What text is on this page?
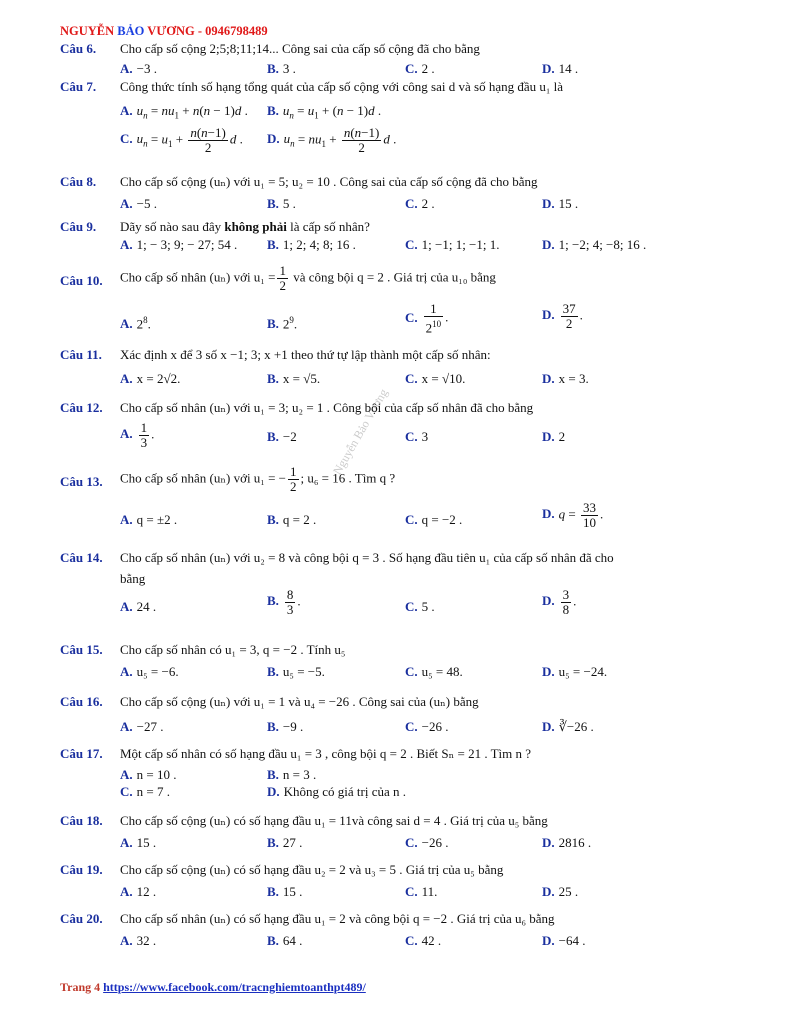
NGUYỄN BẢO VƯƠNG - 0946798489
Nguyễn Bảo Vương
Câu 6. Cho cấp số cộng 2;5;8;11;14... Công sai của cấp số cộng đã cho bằng
A. −3 .	B. 3 .	C. 2 .	D. 14 .
Câu 7. Công thức tính số hạng tổng quát của cấp số cộng với công sai d và số hạng đầu u₁ là
A. $u_n = nu_1 + n(n - 1)d$ . B. $u_n = u_1 + (n - 1)d$ .
C. $u_n = u_1 + \frac{n(n-1)}{2}$ d . D. $u_n = nu_1 + \frac{n(n-1)}{2}$ d .
Câu 8. Cho cấp số cộng (uₙ) với u₁ = 5; u₂ = 10 . Công sai của cấp số cộng đã cho bằng
A. −5 .	B. 5 .	C. 2 .	D. 15 .
Câu 9. Dãy số nào sau đây không phải là cấp số nhân?
A. 1; − 3; 9; − 27; 54 . B. 1; 2; 4; 8; 16 .	C. 1; −1; 1; −1; 1.	D. 1; −2; 4; −8; 16 .
Câu 10. Cho cấp số nhân (uₙ) với $u_1 = \frac{1}{2}$ và công bội q = 2 . Giá trị của u₁₀ bằng
A. $2^8$.	B. $2^9$.	C. $\frac{1}{2^{10}}$ .	D. $\frac{37}{2}$ .
Câu 11. Xác định x để 3 số x −1; 3; x +1 theo thứ tự lập thành một cấp số nhân:
A. x = 2√2.	B. x = √5.	C. x = √10.	D. x = 3.
Câu 12. Cho cấp số nhân (uₙ) với u₁ = 3; u₂ = 1 . Công bội của cấp số nhân đã cho bằng
A. $\frac{1}{3}$ .	B. −2	C. 3	D. 2
Câu 13. Cho cấp số nhân (uₙ) với u₁ = − $\frac{1}{2}$ ; u₆ = 16 . Tìm q ?
A. q = ±2 .	B. q = 2 .	C. q = −2 .	D. $q = \frac{33}{10}$ .
Câu 14. Cho cấp số nhân (uₙ) với u₂ = 8 và công bội q = 3 . Số hạng đầu tiên u₁ của cấp số nhân đã cho
bằng
A. 24 .	B. $\frac{8}{3}$ .	C. 5 .	D. $\frac{3}{8}$ .
Câu 15. Cho cấp số nhân có u₁ = 3, q = −2 . Tính u₅
A. u₅ = −6.	B. u₅ = −5.	C. u₅ = 48.	D. u₅ = −24.
Câu 16. Cho cấp số cộng (uₙ) với u₁ = 1 và u₄ = −26 . Công sai của (uₙ) bằng
A. −27 .	B. −9 .	C. −26 .	D. ∛−26 .
Câu 17. Một cấp số nhân có số hạng đầu u₁ = 3 , công bội q = 2 . Biết Sₙ = 21 . Tìm n ?
A. n = 10 .	B. n = 3 .
C. n = 7 .	D. Không có giá trị của n .
Câu 18. Cho cấp số cộng (uₙ) có số hạng đầu u₁ = 11và công sai d = 4 . Giá trị của u₅ bằng
A. 15 .	B. 27 .	C. −26 .	D. 2816 .
Câu 19. Cho cấp số cộng (uₙ) có số hạng đầu u₂ = 2 và u₃ = 5 . Giá trị của u₅ bằng
A. 12 .	B. 15 .	C. 11.	D. 25 .
Câu 20. Cho cấp số nhân (uₙ) có số hạng đầu u₁ = 2 và công bội q = −2 . Giá trị của u₆ bằng
A. 32 .	B. 64 .	C. 42 .	D. −64 .
Trang 4 https://www.facebook.com/tracnghiemtoanthpt489/
